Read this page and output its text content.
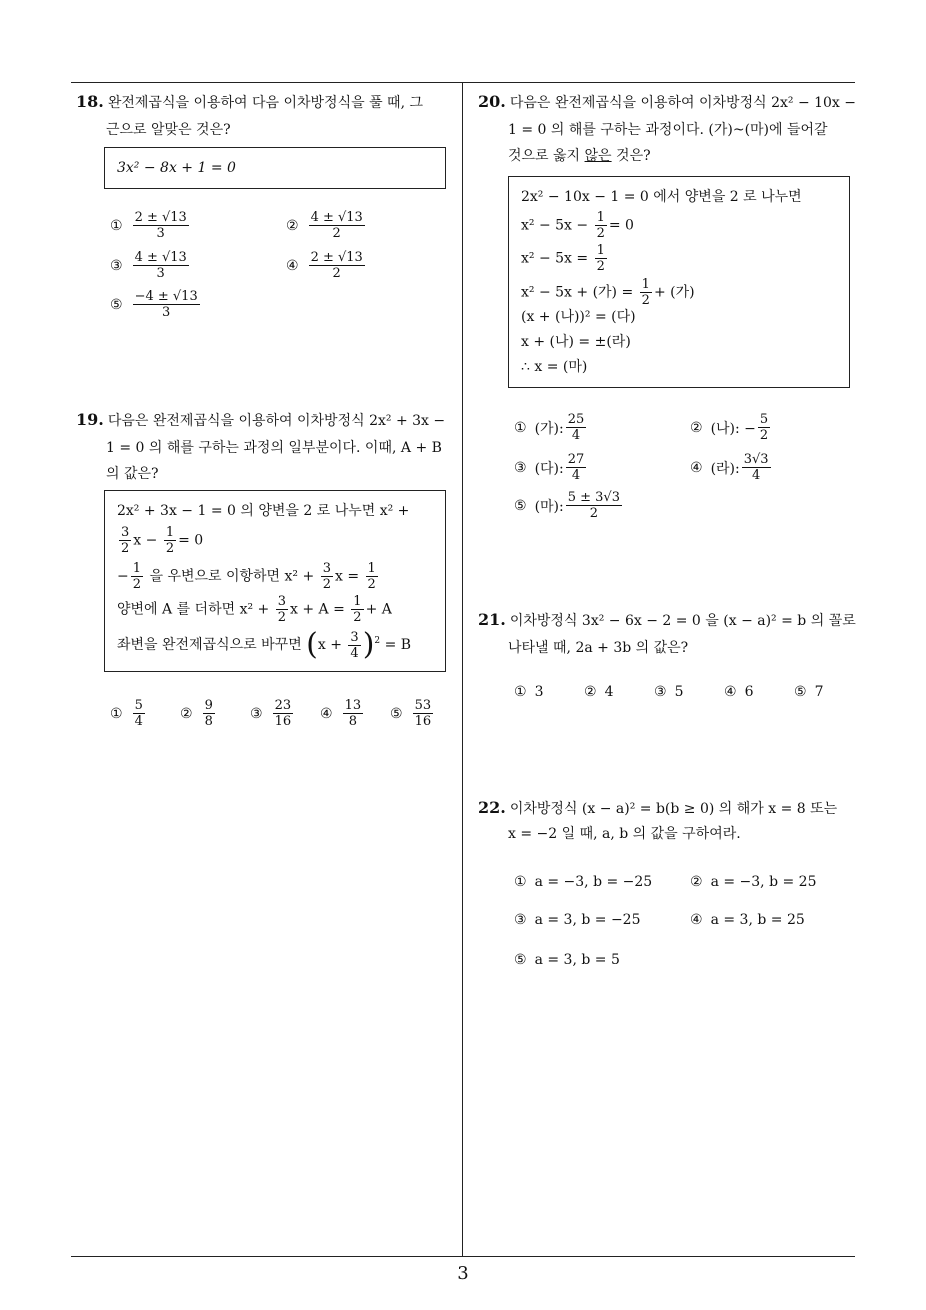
3
18. 완전제곱식을 이용하여 다음 이차방정식을 풀 때, 그
근으로 알맞은 것은?
3x² − 8x + 1 = 0
① $\frac{2 \pm √13}{3}$	② $\frac{4 \pm √13}{2}$
③ $\frac{4 \pm √13}{3}$	④ $\frac{2 \pm √13}{2}$
⑤ $\frac{-4 \pm √13}{3}$
19. 다음은 완전제곱식을 이용하여 이차방정식 2x² + 3x −
1 = 0 의 해를 구하는 과정의 일부분이다. 이때, A + B
의 값은?
2x² + 3x − 1 = 0 의 양변을 2 로 나누면 x² +
$\frac{3}{2}$ $x - \frac{1}{2} = 0$
− $\frac{1}{2}$ 을 우변으로 이항하면 $x^2 + \frac{3}{2}$ $x = \frac{1}{2}$
양변에 A 를 더하면 $x^2 + \frac{3}{2}$ $x + A = \frac{1}{2} + A$
좌변을 완전제곱식으로 바꾸면 $(x + \frac{3}{4} )^2 = B$
① $\frac{5}{4}$	② $\frac{9}{8}$	③ $\frac{23}{16}$ ④ $\frac{13}{8}$ ⑤ $\frac{53}{16}$
20. 다음은 완전제곱식을 이용하여 이차방정식 2x² − 10x −
1 = 0 의 해를 구하는 과정이다. (가)~(마)에 들어갈
것으로 옳지 않은 것은?
2x² − 10x − 1 = 0 에서 양변을 2 로 나누면
$x^2 - 5x - \frac{1}{2} = 0$
$x^2 - 5x = \frac{1}{2}$
x² − 5x + (가) = $\frac{1}{2}$ + (가)
(x + (나))² = (다)
x + (나) = ±(라)
∴ x = (마)
① (가): $\frac{25}{4}$	② (나): − $\frac{5}{2}$
③ (다): $\frac{27}{4}$	④ (라): $\frac{3√3}{4}$
⑤ (마): $\frac{5 \pm 3√3}{2}$
21. 이차방정식 3x² − 6x − 2 = 0 을 (x − a)² = b 의 꼴로
나타낼 때, 2a + 3b 의 값은?
① 3	② 4	③ 5	④ 6	⑤ 7
22. 이차방정식 (x − a)² = b(b ≥ 0) 의 해가 x = 8 또는
x = −2 일 때, a, b 의 값을 구하여라.
① a = −3, b = −25	② a = −3, b = 25
③ a = 3, b = −25	④ a = 3, b = 25
⑤ a = 3, b = 5
